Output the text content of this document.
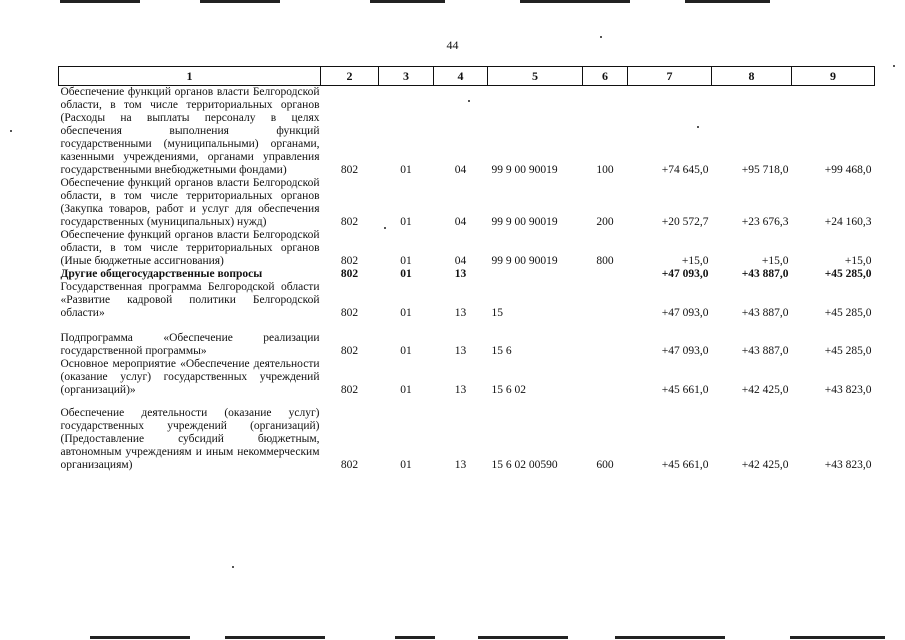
44
1	2	3	4	5	6	7	8	9
Обеспечение функций органов власти Белгородской области, в том числе территориальных органов (Расходы на выплаты персоналу в целях обеспечения выполнения функций государственными (муниципальными) органами, казенными учреждениями, органами управления государственными внебюджетными фондами)	802	01	04	99 9 00 90019	100	+74 645,0	+95 718,0	+99 468,0
Обеспечение функций органов власти Белгородской области, в том числе территориальных органов (Закупка товаров, работ и услуг для обеспечения государственных (муниципальных) нужд)	802	01	04	99 9 00 90019	200	+20 572,7	+23 676,3	+24 160,3
Обеспечение функций органов власти Белгородской области, в том числе территориальных органов (Иные бюджетные ассигнования)	802	01	04	99 9 00 90019	800	+15,0	+15,0	+15,0
Другие общегосударственные вопросы	802	01	13			+47 093,0	+43 887,0	+45 285,0
Государственная программа Белгородской области «Развитие кадровой политики Белгородской области»	802	01	13	15		+47 093,0	+43 887,0	+45 285,0
Подпрограмма «Обеспечение реализации государственной программы»	802	01	13	15 6		+47 093,0	+43 887,0	+45 285,0
Основное мероприятие «Обеспечение деятельности (оказание услуг) государственных учреждений (организаций)»	802	01	13	15 6 02		+45 661,0	+42 425,0	+43 823,0
Обеспечение деятельности (оказание услуг) государственных учреждений (организаций) (Предоставление субсидий бюджетным, автономным учреждениям и иным некоммерческим организациям)	802	01	13	15 6 02 00590	600	+45 661,0	+42 425,0	+43 823,0
